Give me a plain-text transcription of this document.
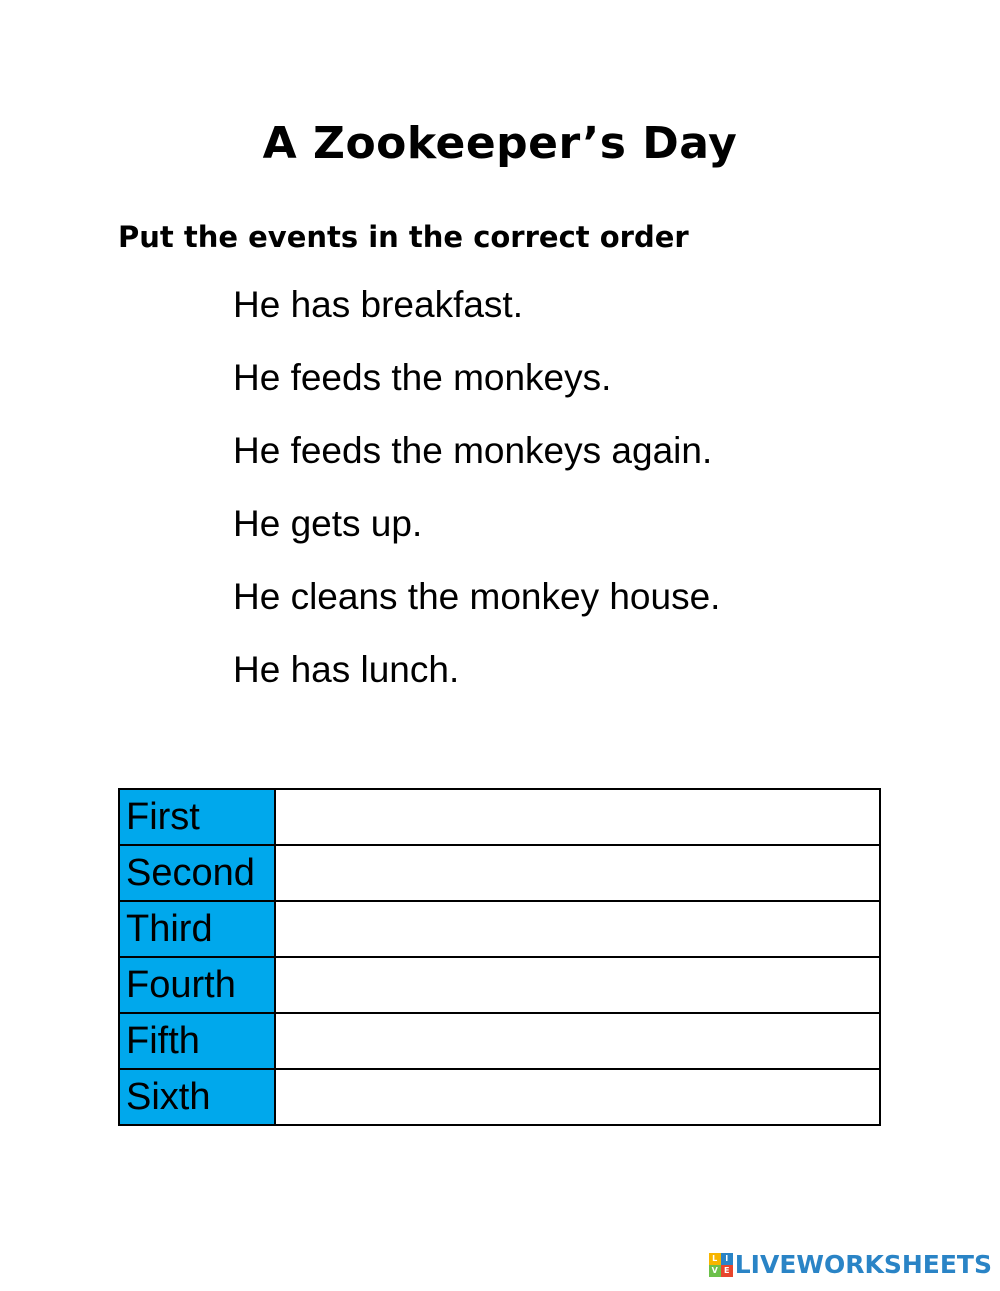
A Zookeeper’s Day

Put the events in the correct order

He has breakfast.
He feeds the monkeys.
He feeds the monkeys again.
He gets up.
He cleans the monkey house.
He has lunch.
First	
Second	
Third	
Fourth	
Fifth	
Sixth	
L I
V E LIVEWORKSHEETS
